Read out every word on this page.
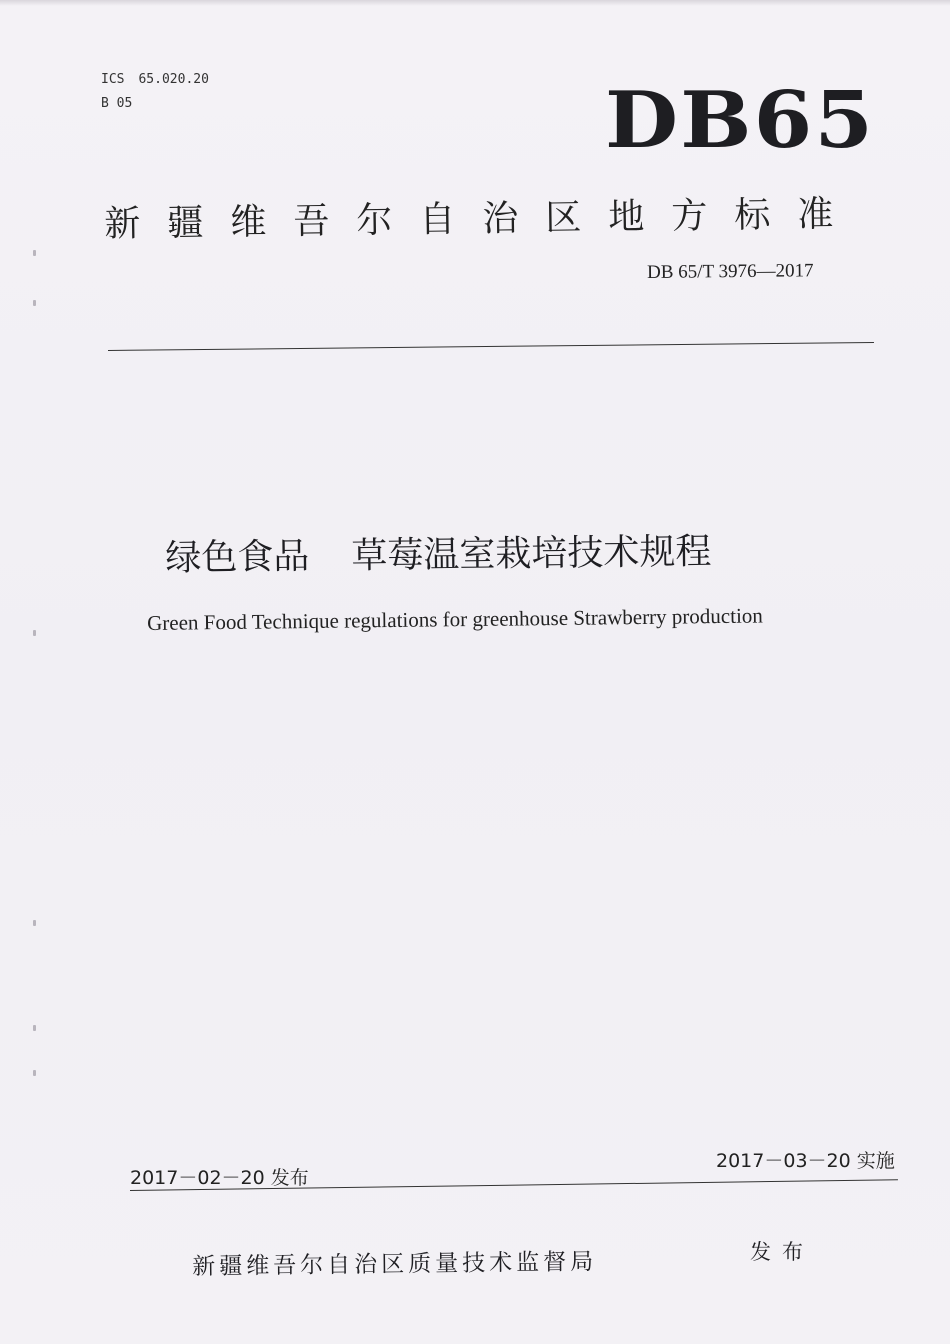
ICS 65.020.20
B 05	DB65
新疆维吾尔自治区地方标准
DB 65/T 3976—2017
绿色食品 草莓温室栽培技术规程
Green Food Technique regulations for greenhouse Strawberry production
2017－03－20 实施
2017－02－20 发布
新疆维吾尔自治区质量技术监督局	发布
